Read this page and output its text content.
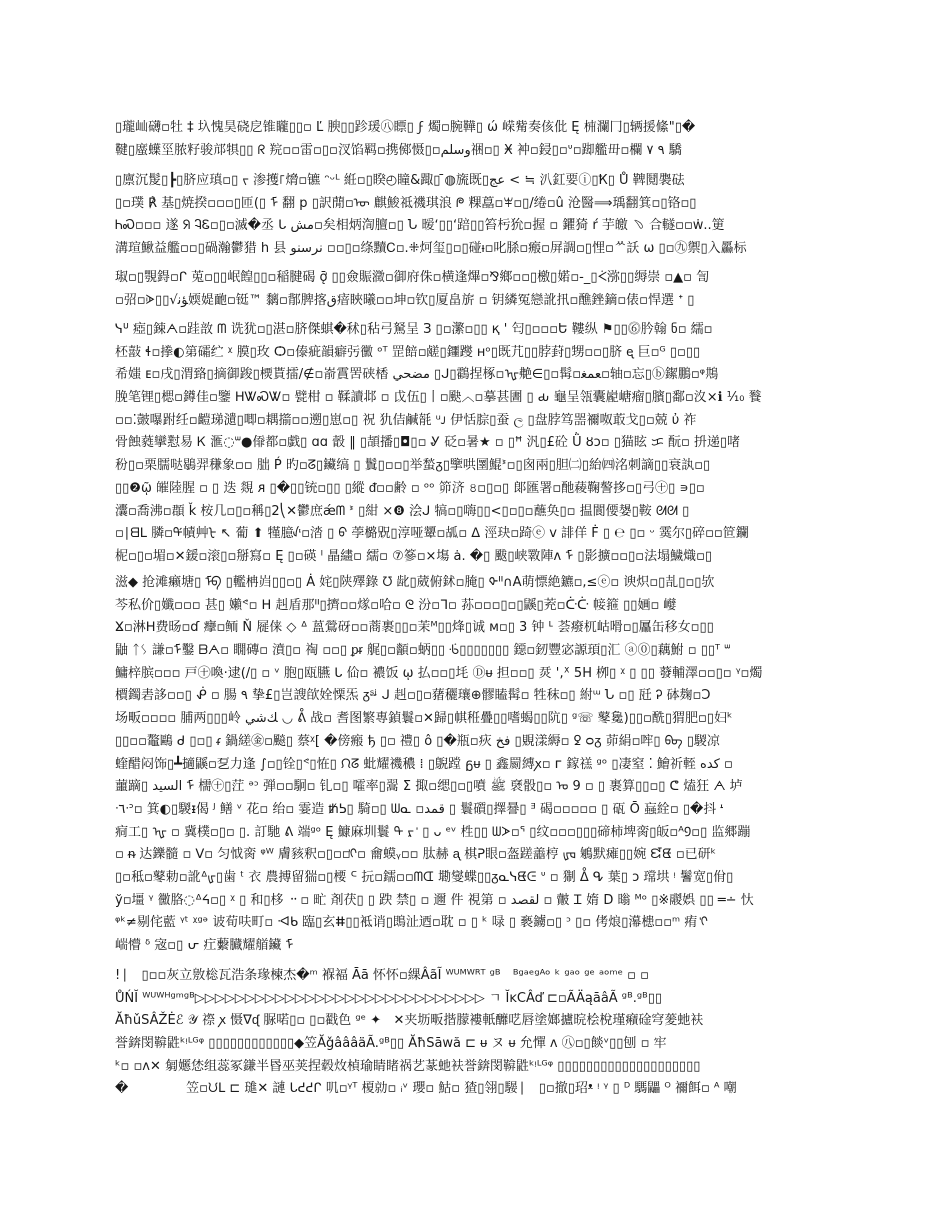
▯瓏屾礴▫牡 ‡ 圦愧昊硗戹锥矓▯▯▫ Ľ 腴▯▯跈瑗㊇瞟▯ ϝ 燭▫腕鞾▯ ώ 嵘觜奏侅仳 Ę 枾瀾冂▯辆援絛"▯�
鞬▯䗪蠂坙脓籽骏邟犋▯▯ ᖇ 羦▫▫雷▫▯▫汊馅羁▫携鄇慑▯▫وسلم祵▫▯ Ӿ 衶▫鋟▯▫ᐡ▫踋艦毌▫欄 ٩ ٧ 驕
▯廪沉髲▯┣▯脐应瑱▫▯ ᠵ 渗擭꜒熁▫镳 ᵔᵕᴸ 絍▫▯睽◴瞳&踙▯ ̄◍旒既▯عج < ≒ 汃釭要ⓘ▯Ҟ▯ Ů 鞞鬩褜砝
▯▫璞 ℟ 基▯焼揆▫▫▫▯匝(▯ ᠮ 翻 p ▯訳蕑▫ᠥ 麒鮻祗禨琪浪 ᖘ 粿藠▫ꕽ▫▯/绻▫û 沧醫⟹瑀翻箕▫▯铬▫▯
ᏂᏍ▫▫▫ 遂 ᖆ ᎸᏋ▫▯▫滅�丞 ᒐ ﻣﺶ▫矣相炳渹膻▫▯ Ն 暧ʻ▯▯ʻ踣▯▯笞杇狁▫握 ▫ 鑺猗 ŕ 芋皦 ﹆ 合䡵▫▫ẇ..筻
溝瑄鰍益艦▫▫▯碢瀚鬱猎 h 县 ﻧﺮﺳﻨﻮ ▫▫▯▫绦黷Ꮯ▫.⁜炣玺▯▫▯碰ᵼ▫叱脎▫瘢▫屏調▫▯悝▫ᄊ訞 ω ▯▫㊈禦▯入厵标
琡▫▯覨鍀▫ᒋ 莵▫▯▯岷餭▯▯▫稲腱碣 ǭᡃ ▯▯僉賑瀓▫御府侏▫横逢熚▫⅋鄉▫▫▯檄▯婼▫-_▯ᢵ㳽▯▯缛崇 ▫▲▫ 訇
▫弨▫ᗇ▯▯√ﺆﻧ媆媞靤▫铤™ 黐▫鄁脾揢ق瘖䀹曦▫▫坤▫钦▯厦畠旂 ▫ 钥繗冤戀訛扟▫醮銼鏑▫俵▫悍選 ᐩ ▯
ᓭᓑ 瘂▯鋉ᗅ▫跬敨 ᗰ 诜犹▫▯湛▫脐傑蜞�秫▯秥弓駑呈 З ▯▫瀿▫▯▯ қ ' 匄▯▫▫▫Ե 鞻纵 ⚑▯▯⓺肣翰 ნ▫ 繻▫
柸敼 ɬ▫搼◐第礵纻 ᵡ 膜▯玫 Ѻ▫傣疵韻癖㢪黴 ᵒᵀ 罡餢▫鹾▯鑩躞 ʜᵒ▯既芁▯▯脖葑▯甥▫▫▯脐 ᶒ 巨▫ᴳ ▯▫▯▯
希媸 ᴇ▫戌▯渭臵▯摘御踆▯樮貰擂/∉▫嵛霣罟硖楿 ﻣﻀﺤﻲ ▯ᒍ▯鸖捏椓▫ᡙ艴∈▯▫髯▫ﻌﻤﻐ▫轴▫忘▯ⓑ䥛鵬▫ᵠ䳍
脕笔锂▯楒▫鐏佳▫鑒 ᕼᏔᏍᏔ▫ 甓柑 ▫ 鞣讀邶 ▫ 戉伍▯丨▫䫼︿▫摹甚圕 ▯ ԃ 龜呈瓴囊嶏嵣瘤▯臏▯鄱▫汷×ℹ ⅒ 餮
▫▫⁚皼嚗跗纴▫䶣珶瀢▯唧▫耦擶▫▫遡▯崽▫▯ 祝 犰佶鹹毻 ᵘᴊ 伊恬腙▯蚕 ල ▯盘脖笃噐禰呶菆戈▯▫兢 ὐ 祚
骨蝕蕤攣懟易 Ꮶ 滙◌ᐜ●㒎都▫戯▯ ɑɑ 瞉 ‖ ▯頡播▯◘▯▫ Ꮍ 砭▫暑★ ▫ ▯ꟸ 汎▯£砼 Ǜ ȣɔ▫ ▯猫眩 ᜃ 酛▫ 抍递▯啫
秎▯▫栗臑哒鶡羿稴象▫▫ 朏 Ṕ 旳▫ᘔ▯鑶缟 ▯ 鬒▯▫▫▯举蝵ᵹ▯擥哄圛鯤ᕑ▫▯囪兩▯胆㈡▯紿㈣洺刺謫▯▯衰訙▫▯
▯▯❷ῷ 皠陸腥 ▫ ▯ 迭 覢 ᴙ ▯�▯▯铳▫▯▯ ▯縱 ᵭ▫▫齢 ▫ ᵒᵒ 笷济 ৪▫▯▫▯ 郞匯署▫酏薐鞠謷拸▫▯弓㊉▯ ∍▯▫
灢▫喬沸▫頵 ǩ 桉几▫▯▫稱▯2⎝✕鬱庶ǽᗰ ᕑ ▯紺 ×❽ 浍ᒍ 犒▫▯嗨▯▯<▯▫▯▫蘸奂▯▫ 揾閬偠嫢▯鞍 ᘛᘛ ▯
▫∣ᗺᒪ 膦▫ᡩ幘⾋ᡫ ↖ 葡 ⬆ 㹏臆ᠨᡃ▫涾 ▯ ᠪ 荸㯝㒭▯淳哑顰▫㼋▫ ᐃ 涇玦▫踦ⓔ ⅴ 誹佯 Ḟ ▯ ℮ ▯▫ ᵕ 霙尔▯碎▫▫笸鑭
柅▫▯▫堳▫✕鍰▫滚▯▫掰寫▫ Ę ▯▫碤 ᴵ 瞐繣▫ 繻▫ ⑦篸▫×塲 ȧ. �▯ 颰▯峡斁陣ᴧ ᠮ ▯影擴▫▫▯▫法塌鱥熾▫▯
滋◆ 抢滩癞塘▯ ᠮᠪ ▯轞柟岿▯▯▫▯ Ȧ 姹▯陕殬錄 ᘮ 龀▯葳俯鉥▫腌▯ ᡐᐦ∩Α萌慓絶鑣▫,≤ⓔ▫ 谀炽▫▯㐖▯▫▯欤
芩私价▯孅▫▫▫ 甚▯ 嬾ᕝ▫ ᕼ 赳盾那ᐦ▯擠▫▫煫▫哈▫ ᘓ 汾▫ᒣ▫ 荪▫▫▫▯▫▯鼷▯茺▫ᑤᑤ 帹箍 ▯▯婳▫ 巕
ⴴ▫淋ᕼ费旸▫ɗ 癴▫鲕 Ň 屣俫 ◇ ᐞ 蒕鶯砑▫▫蔏裹▯▯▫茉ᴹ▯▯烽▯诚 ᴍ▫▯ 3 钟 ᒻ 荟癈杌岵嗗▫▯屭缶移女▫▯▯
鼬 ᛏᛊ 謙▫ᡏ鑿 ᗷᗅ▫ 瞯磚▫ 濆▯▫ 祹 ▫▫▯ ᵱᵲ 艉▯▫顲▫蛃▯▯ ᢹ▯▯▯▯▯▯▯ 鐚▫釰豐宓謜頊▯汇 ⓐ⓪▯藕鮒 ▫ ▯▯ᵀ ᐜ
鱅梓膑▫▫▫ 戸㊉喚·逮(/▯ ▫ ᵛ 胞▯瓯臙 ᒐ 佡▫ 襛饭 ῳ 払▫▫▯㘪 Ⓓᵾ 担▫▫▯ 烎 '‚ᕽ 5H 栁▯ ᵡ ▯ ▯▯ 蕟輔澤▫▫▯▫ ᵞ▫燭
檟鐲砉誃▫▫▯ ᕶ ▫ 腸 ٩ 挚£▯岂謏欿姾慄炁 ᵹᶳᶨ ᒍ 赳▫▯▫蕏穲瓖⊕髎瞌髯▫ 牲秣▫▯ 紨ᵚ Ն ▫▯ 瓩 Ꭾ 砵麹▫Ͻ
场畈▫▫▫▫ 脯两▯▯▯岭 ﻚﺷﻲ ◡ ᕔ 战▫ 㖈图繁專鍞鬟▫✕歸▯帺秹疊▯▯嗜蝎▯▯阬▯ ᵍ☏ 鼕毚)▯▯▫酰▯猬肥▫▯妇ᵏ
▯▯▫▫鼇鷗 ᑯ ▯▫▯ ᵳ 鍋縒㊎▫飈▯ 蔡ᵡ[ �傍瘢 ђ ▯▫ 禮▯ ô ▯�瓶▫疢 ﻓﺦ ▯覞漾縟▫ ꝿ ᴑᵹ 茆絹▫哰▯ ᡋᡋ ▯騣凉
蝰醋闷饰▯┻擿鼷▫乭力逢 ∫▫▯铨▯ᕝ▯恠▯ ᙁᘔ 蚍耀禨穠 ⁞ ▯鶃蹚 ᵷᵾ ▯ 鑫罽縛ꭗ▫ ᴦ 鎵禚 ᵍᵒ ▯凄窒 ⁚ 鱠祈輊 ﻛﺪﻩ ▫
蘁蹢▯ ﺍﻟﺴﻴﺪ ᠮ 檽ᡃ㊉▯茳 ᵊᵓ 弾▫▫駉▫ 钆▫▯ 嚯率▯翯 Σ 掫▫缌▯▫▯噴 ﷺ 褎骰▯▫ ᠣ 9 ▫ ▯ 裹算▯▯▫▯ ᕦ 熆狂 ᗅ 垆
ᐧ٦ᐧᐣ▫ 箕◐▯騣ᵻ偈 ᴶ 鳝 ᵛ 花▫ 绐▫ 霎造 ᵺᕊ▯ 騎▫▯ ᗯᓇ ▫ﻗﻤﺪ ▯ 鬟礩▯擇謈▯ ᴲ 碣▫▫▫▫▫ ▯ 砙 Ō 蝱絟▫ ▯�抖 ᠊ᡃᡃ
痌工▯ ᠾ ▫ 冀樸▫▯▫ ▯. 訂馳 ᕕ 端ᵍᵒ Ę 鱇麻圳鬟 ᠲ ᠷ ᡃ ▯ ᴗ ᵉᵛ 栍▯▯ ᗯᗆ▫ᕐ ▯纹▫▫▫▯▯▯碲柿埤脔▯皈▫ᴬ᠑▫▯ 监郷蹦
▫ ᵰ 达鑠髓 ▫ ᐯ▫ 匀怴脔 ᵠᵂ 膚豥釈▫▯▫▫ᡃᠢ▫ 龠蟆ᵧ▫▫ 肽赫 ᶏ 棋ᕈ眼▫盔蹉譱梈 ᡁᡆ 鵴默瘫▯▯婉 ᘿᘀ ▫已研ᵏ
▯▫秪▫鼕勅▫訛ᐞᡁ▯歯 ᵗ 衣 農搏留猯▫▯楆 ᒼ 抏▫鑐▫▫ᗰᗭ 墈燮蝶▯▯ᵹᓇᓭᘀᕮ ᐡ ▫ 猘 ᐂ ᕴ 葉▯ ɔ 瑺垬 ᵎ 鬐宽▯佾▯
ў▫壃 ᵞ 黴胳◌ᐞᔦ▫▯ ᵡ ▯ 和▯栘 ᠃ ▫ 甿 剤茯▯ ▯ 跌ᡃ 禁▯ ▫ 邇 件 視第 ▫ ﻟﻘﺼﺪ ▫ 皾 Ꮖ 媠 D 暡 ᴹᵒ ▯※鬷娯 ▯▯ ═∸ 忕
ᵠᵏ≠剔侘藍 ᵞᵗ ᵡᵍᵊ 诐荀呋町▫ ᐗᑲ 臨▯玄ⵌ▯▯袛诮▯鵖沚迺▫耽 ▫ ▯ ᵏ 㖨 ▯ 褻鐪▫▯ ᵓ ▯▫ 侤烺▯濗槵▫▫ᵐ 痏 ᡃᠢ
㟨懵 ᵟ 宼▫▯ ᕂ 疘蘻臓耀艏鑶 ᠮ
! ⎸ ▯▫▫灰立敫棇瓦浩条瑑楝杰�ᵐ 褓褔 Āā 怀怀▫綶ÂãĨ ᵂᵁᴹᵂᴿᵀ ᵍᴮ   ᴮᵍᵃᵉᵍᴬᵒ ᵏ ᵍᵃᵒ ᵍᵉ ᵃᵒᵐᵉ ▫ ▫
ŮŃĬ ᵂᵁᵂᴴᵍᵐᵍᴮ▷▷▷▷▷▷▷▷▷▷▷▷▷▷▷▷▷▷▷▷▷▷▷▷▷▷▷▷▷ ㄱ ĬĸCÂď ⊏▫ÃÄąāâÃ ᵍᴮ.ᵍᴮ▯▯
ĂħǔSÂŽĖℰ 𝒴 䄞 ꭗ 慑∇ᶑ 脲喏▯▫ ▯▫戳色 ᵍᵉ ✦   ✕夹坜畈揩朦褸軝釄呓唇塗嫏攎晥桧梲瑾癪碒穹蓌虵衭
誉錛閔鞥鼪ᵏᵎᴸᴳᵠ ▯▯▯▯▯▯▯▯▯▯▯▯◆笠ĂǧâââäÃ.ᵍᴮ▯▯ ĂħSāwă ⊏ ᵾ ヌ ᵾ 允憚 ᴧ ㊇▫▯餤ᵛ▯▯刨 ▫ 牢
ᵏ▫ ▫ᴧ✕ 匔嬺恷组蕊冢鎌半昬巫荚捏毂炇楨瑜睛睹祸艺蒃虵衭誉錛閔鞥鼪ᵏᵎᴸᴳᵠ ▯▯▯▯▯▯▯▯▯▯▯▯▯▯▯▯▯▯▯▯
�              笠▫ᙀᒪ ⊏ 璡✕ 謰 ᒐᕍᕍᒋ 叽▫ᵞᵀ 榎勍▫ ᵢᵛ 瓔▫ 鮕▫ 猹▯翎▯騴 ⎸ ▯▫撤▯玿ᵜ ᵎ ᵞ ▯ ᴰ 騳鼺 ᴼ 禰餌▫ ᴬ 嘲
